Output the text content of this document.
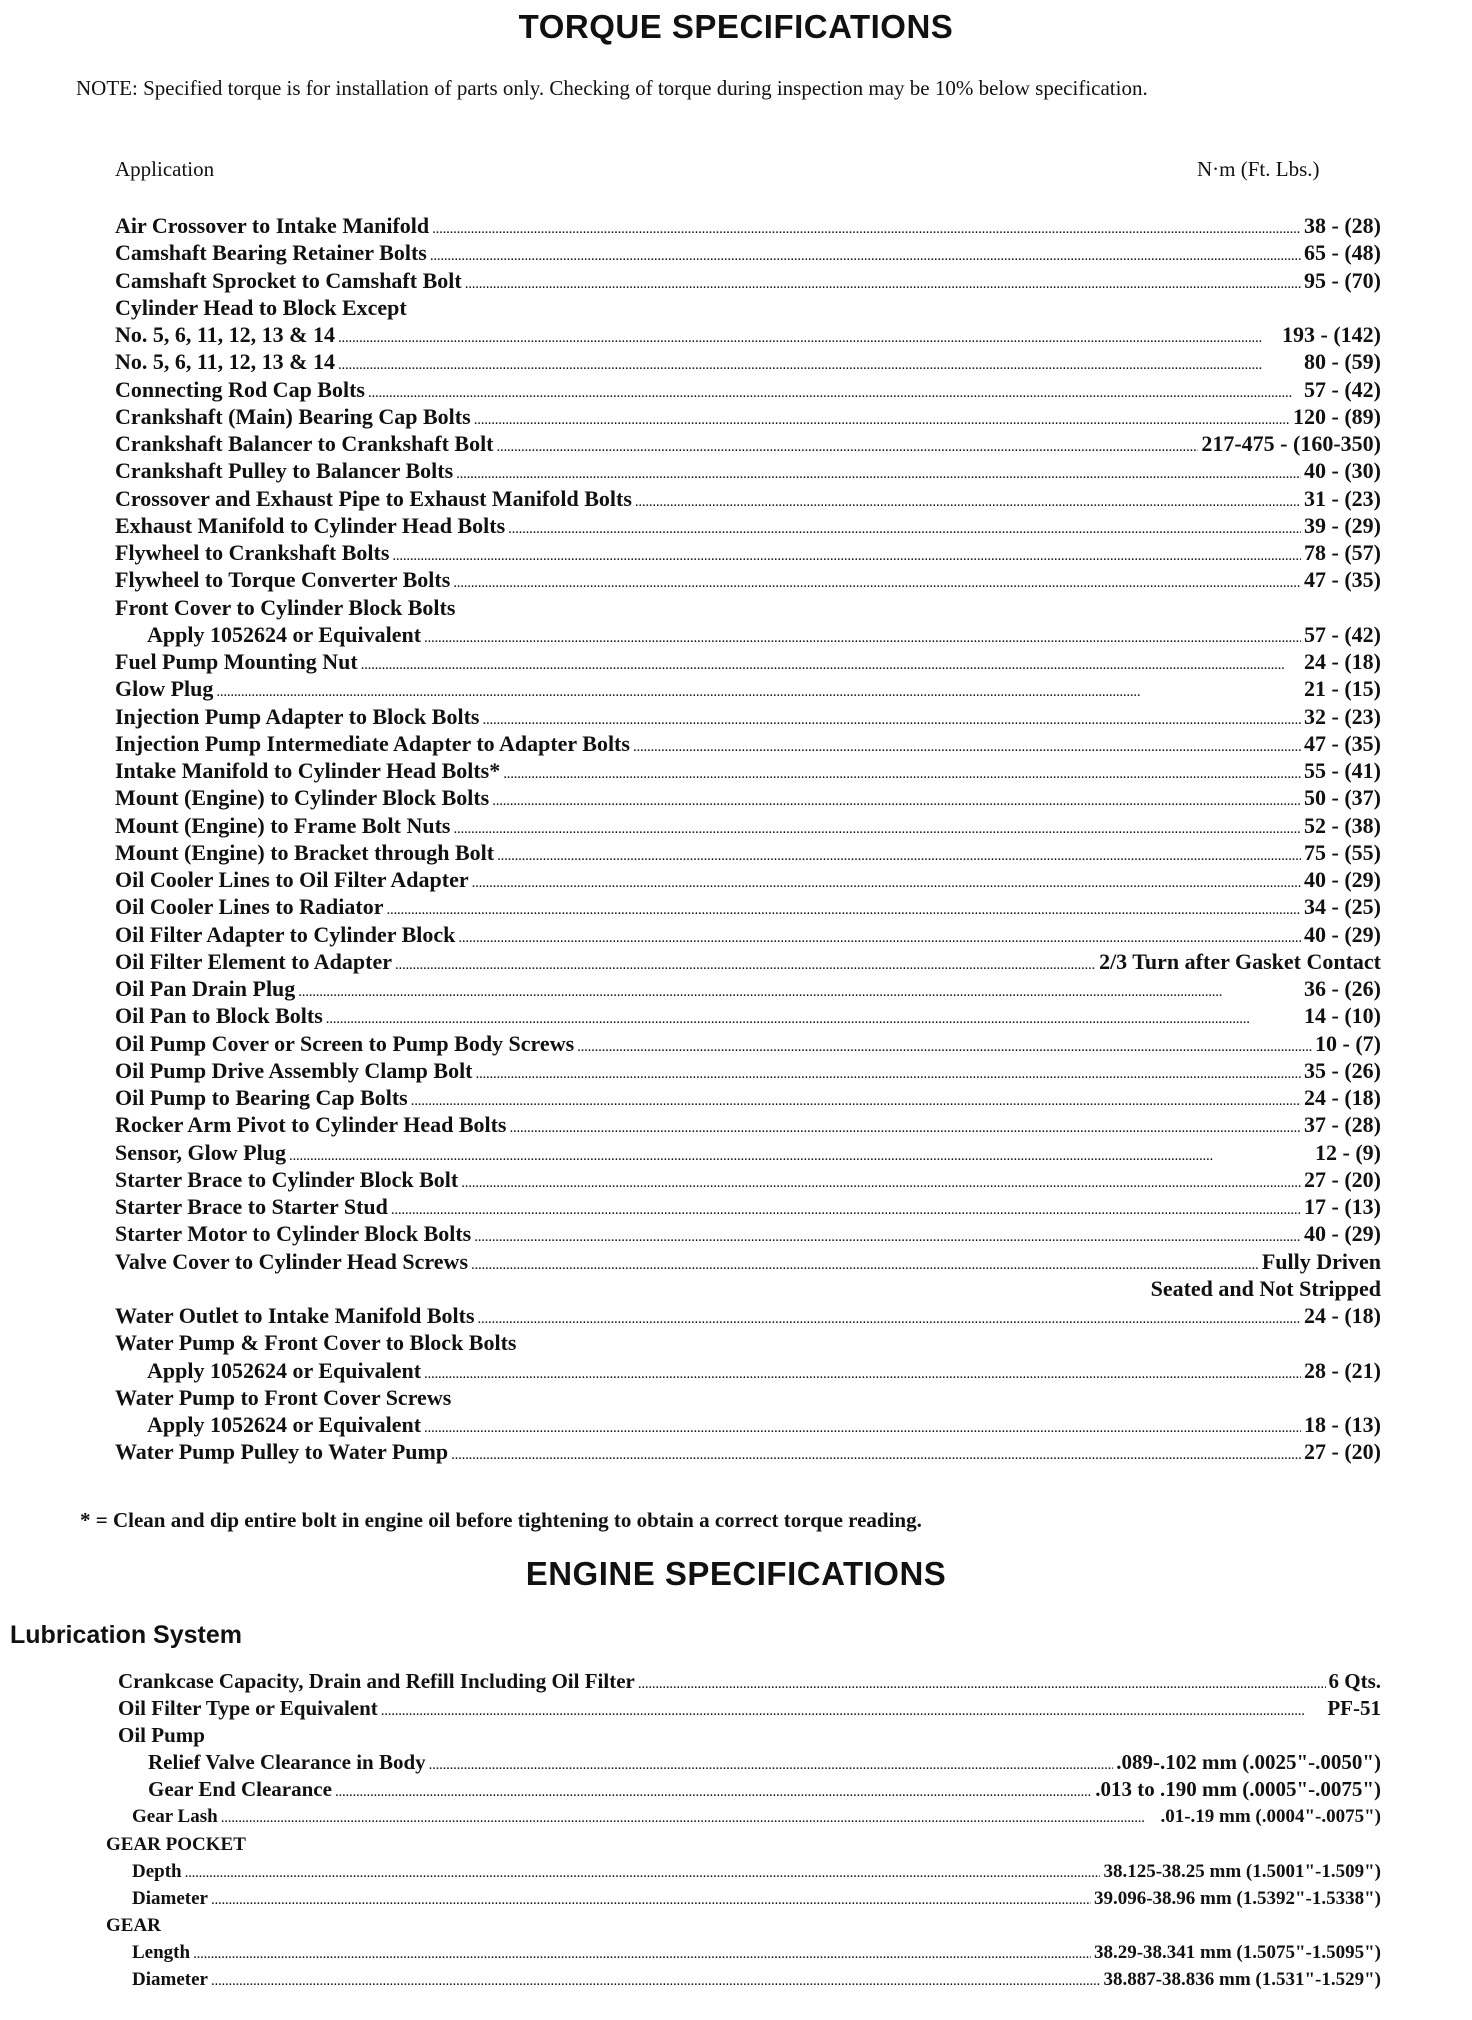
TORQUE SPECIFICATIONS
NOTE: Specified torque is for installation of parts only. Checking of torque during inspection may be 10% below specification.
Application	N·m (Ft. Lbs.)
Air Crossover to Intake Manifold . . .	38 - (28)
Camshaft Bearing Retainer Bolts . . .	65 - (48)
Camshaft Sprocket to Camshaft Bolt . . .	95 - (70)
Cylinder Head to Block Except
No. 5, 6, 11, 12, 13 & 14 . . .	193 - (142)
No. 5, 6, 11, 12, 13 & 14 . . .	80 - (59)
Connecting Rod Cap Bolts . . .	57 - (42)
Crankshaft (Main) Bearing Cap Bolts . . .	120 - (89)
Crankshaft Balancer to Crankshaft Bolt . . .	217-475 - (160-350)
Crankshaft Pulley to Balancer Bolts . . .	40 - (30)
Crossover and Exhaust Pipe to Exhaust Manifold Bolts . . .	31 - (23)
Exhaust Manifold to Cylinder Head Bolts . . .	39 - (29)
Flywheel to Crankshaft Bolts . . .	78 - (57)
Flywheel to Torque Converter Bolts . . .	47 - (35)
Front Cover to Cylinder Block Bolts
Apply 1052624 or Equivalent . . .	57 - (42)
Fuel Pump Mounting Nut . . .	24 - (18)
Glow Plug . . .	21 - (15)
Injection Pump Adapter to Block Bolts . . .	32 - (23)
Injection Pump Intermediate Adapter to Adapter Bolts . . .	47 - (35)
Intake Manifold to Cylinder Head Bolts* . . .	55 - (41)
Mount (Engine) to Cylinder Block Bolts . . .	50 - (37)
Mount (Engine) to Frame Bolt Nuts . . .	52 - (38)
Mount (Engine) to Bracket through Bolt . . .	75 - (55)
Oil Cooler Lines to Oil Filter Adapter . . .	40 - (29)
Oil Cooler Lines to Radiator . . .	34 - (25)
Oil Filter Adapter to Cylinder Block . . .	40 - (29)
Oil Filter Element to Adapter . . .	2/3 Turn after Gasket Contact
Oil Pan Drain Plug . . .	36 - (26)
Oil Pan to Block Bolts . . .	14 - (10)
Oil Pump Cover or Screen to Pump Body Screws . . .	10 - (7)
Oil Pump Drive Assembly Clamp Bolt . . .	35 - (26)
Oil Pump to Bearing Cap Bolts . . .	24 - (18)
Rocker Arm Pivot to Cylinder Head Bolts . . .	37 - (28)
Sensor, Glow Plug . . .	12 - (9)
Starter Brace to Cylinder Block Bolt . . .	27 - (20)
Starter Brace to Starter Stud . . .	17 - (13)
Starter Motor to Cylinder Block Bolts . . .	40 - (29)
Valve Cover to Cylinder Head Screws . . .	Fully Driven
Seated and Not Stripped
Water Outlet to Intake Manifold Bolts . . .	24 - (18)
Water Pump & Front Cover to Block Bolts
Apply 1052624 or Equivalent . . .	28 - (21)
Water Pump to Front Cover Screws
Apply 1052624 or Equivalent . . .	18 - (13)
Water Pump Pulley to Water Pump . . .	27 - (20)
* = Clean and dip entire bolt in engine oil before tightening to obtain a correct torque reading.
ENGINE SPECIFICATIONS
Lubrication System
Crankcase Capacity, Drain and Refill Including Oil Filter . . .	6 Qts.
Oil Filter Type or Equivalent . . .	PF-51
Oil Pump
Relief Valve Clearance in Body . . .	.089-.102 mm (.0025"-.0050")
Gear End Clearance . . .	.013 to .190 mm (.0005"-.0075")
Gear Lash . . .	.01-.19 mm (.0004"-.0075")
GEAR POCKET
Depth . . .	38.125-38.25 mm (1.5001"-1.509")
Diameter . . .	39.096-38.96 mm (1.5392"-1.5338")
GEAR
Length . . .	38.29-38.341 mm (1.5075"-1.5095")
Diameter . . .	38.887-38.836 mm (1.531"-1.529")
